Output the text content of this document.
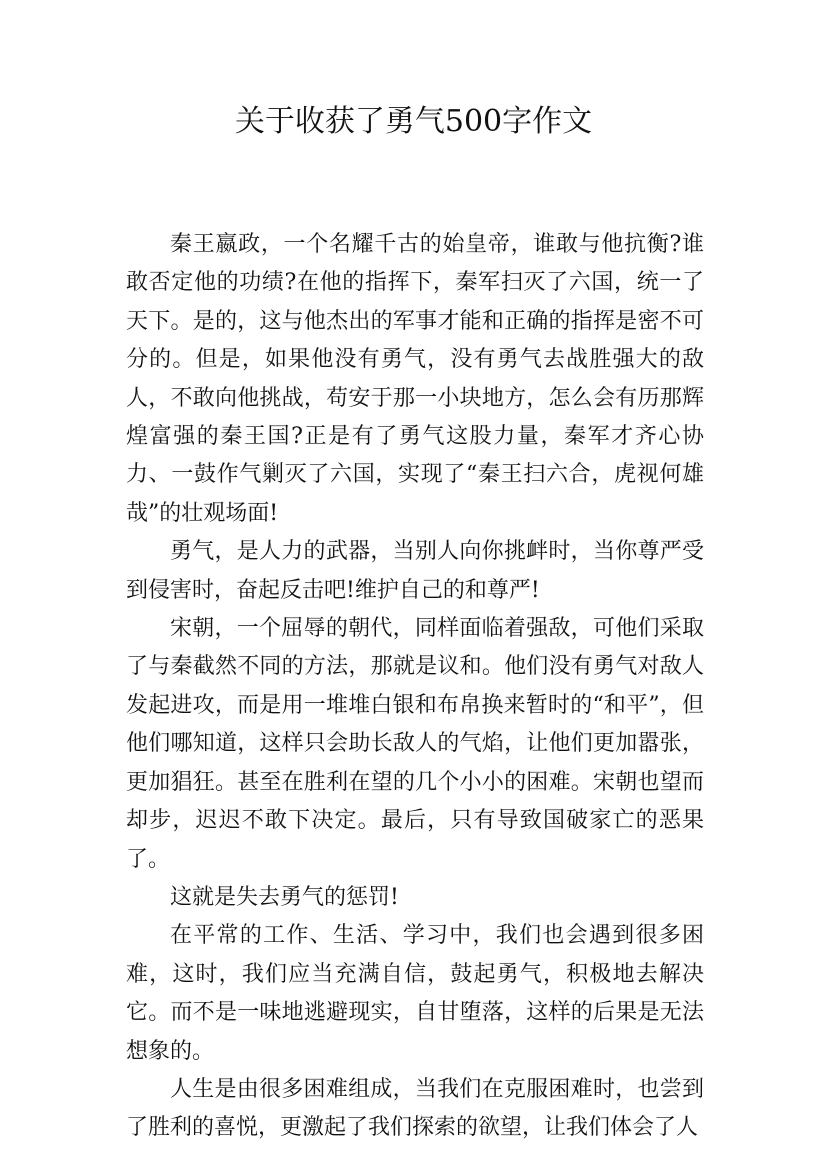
关于收获了勇气500字作文

秦王嬴政，一个名耀千古的始皇帝，谁敢与他抗衡?谁敢否定他的功绩?在他的指挥下，秦军扫灭了六国，统一了天下。是的，这与他杰出的军事才能和正确的指挥是密不可分的。但是，如果他没有勇气，没有勇气去战胜强大的敌人，不敢向他挑战，苟安于那一小块地方，怎么会有历那辉煌富强的秦王国?正是有了勇气这股力量，秦军才齐心协力、一鼓作气剿灭了六国，实现了“秦王扫六合，虎视何雄哉”的壮观场面!

勇气，是人力的武器，当别人向你挑衅时，当你尊严受到侵害时，奋起反击吧!维护自己的和尊严!

宋朝，一个屈辱的朝代，同样面临着强敌，可他们采取了与秦截然不同的方法，那就是议和。他们没有勇气对敌人发起进攻，而是用一堆堆白银和布帛换来暂时的“和平”，但他们哪知道，这样只会助长敌人的气焰，让他们更加嚣张，更加猖狂。甚至在胜利在望的几个小小的困难。宋朝也望而却步，迟迟不敢下决定。最后，只有导致国破家亡的恶果了。

这就是失去勇气的惩罚!

在平常的工作、生活、学习中，我们也会遇到很多困难，这时，我们应当充满自信，鼓起勇气，积极地去解决它。而不是一味地逃避现实，自甘堕落，这样的后果是无法想象的。

人生是由很多困难组成，当我们在克服困难时，也尝到了胜利的喜悦，更激起了我们探索的欲望，让我们体会了人
